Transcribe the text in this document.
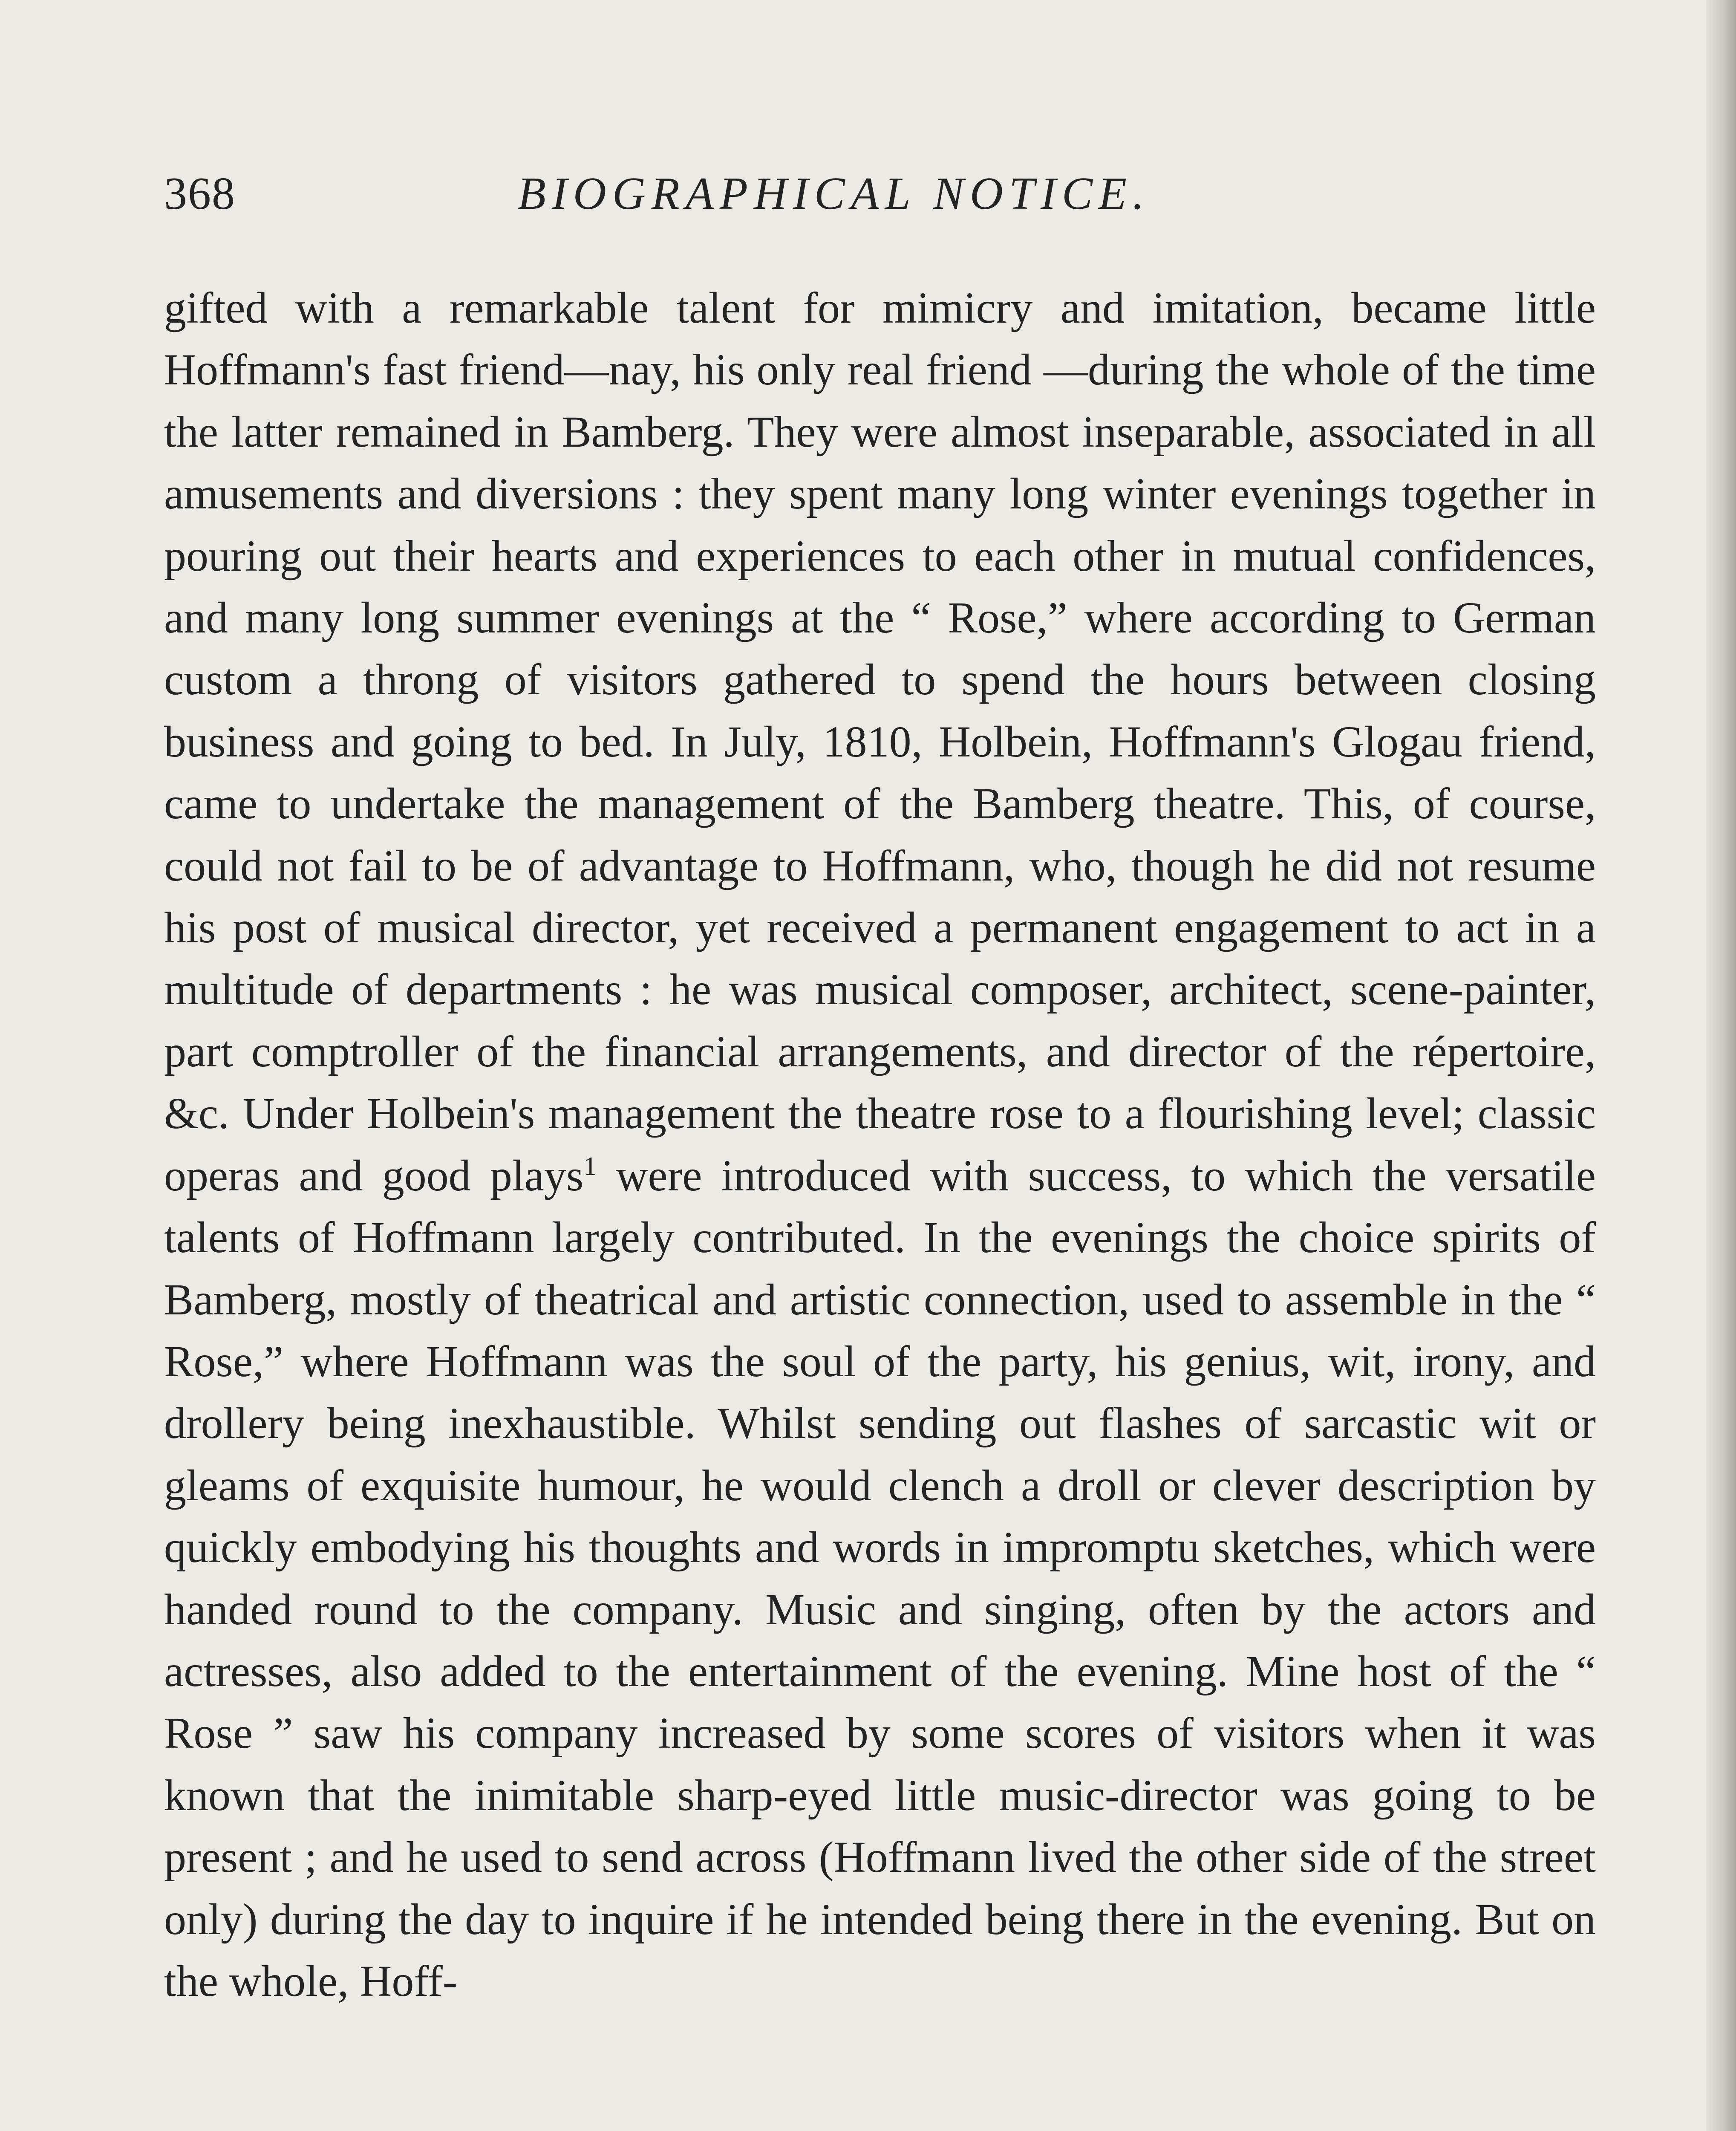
368	BIOGRAPHICAL NOTICE.

gifted with a remarkable talent for mimicry and imitation, became little Hoffmann's fast friend—nay, his only real friend —during the whole of the time the latter remained in Bamberg. They were almost inseparable, associated in all amusements and diversions : they spent many long winter evenings together in pouring out their hearts and experiences to each other in mutual confidences, and many long summer evenings at the “ Rose,” where according to German custom a throng of visitors gathered to spend the hours between closing business and going to bed. In July, 1810, Holbein, Hoffmann's Glogau friend, came to undertake the management of the Bamberg theatre. This, of course, could not fail to be of advantage to Hoffmann, who, though he did not resume his post of musical director, yet received a permanent engagement to act in a multitude of departments : he was musical composer, architect, scene-painter, part comptroller of the financial arrangements, and director of the répertoire, &c. Under Holbein's management the theatre rose to a flourishing level; classic operas and good plays$^1$ were introduced with success, to which the versatile talents of Hoffmann largely contributed. In the evenings the choice spirits of Bamberg, mostly of theatrical and artistic connection, used to assemble in the “ Rose,” where Hoffmann was the soul of the party, his genius, wit, irony, and drollery being inexhaustible. Whilst sending out flashes of sarcastic wit or gleams of exquisite humour, he would clench a droll or clever description by quickly embodying his thoughts and words in impromptu sketches, which were handed round to the company. Music and singing, often by the actors and actresses, also added to the entertainment of the evening. Mine host of the “ Rose ” saw his company increased by some scores of visitors when it was known that the inimitable sharp-eyed little music-director was going to be present ; and he used to send across (Hoffmann lived the other side of the street only) during the day to inquire if he intended being there in the evening. But on the whole, Hoff-
